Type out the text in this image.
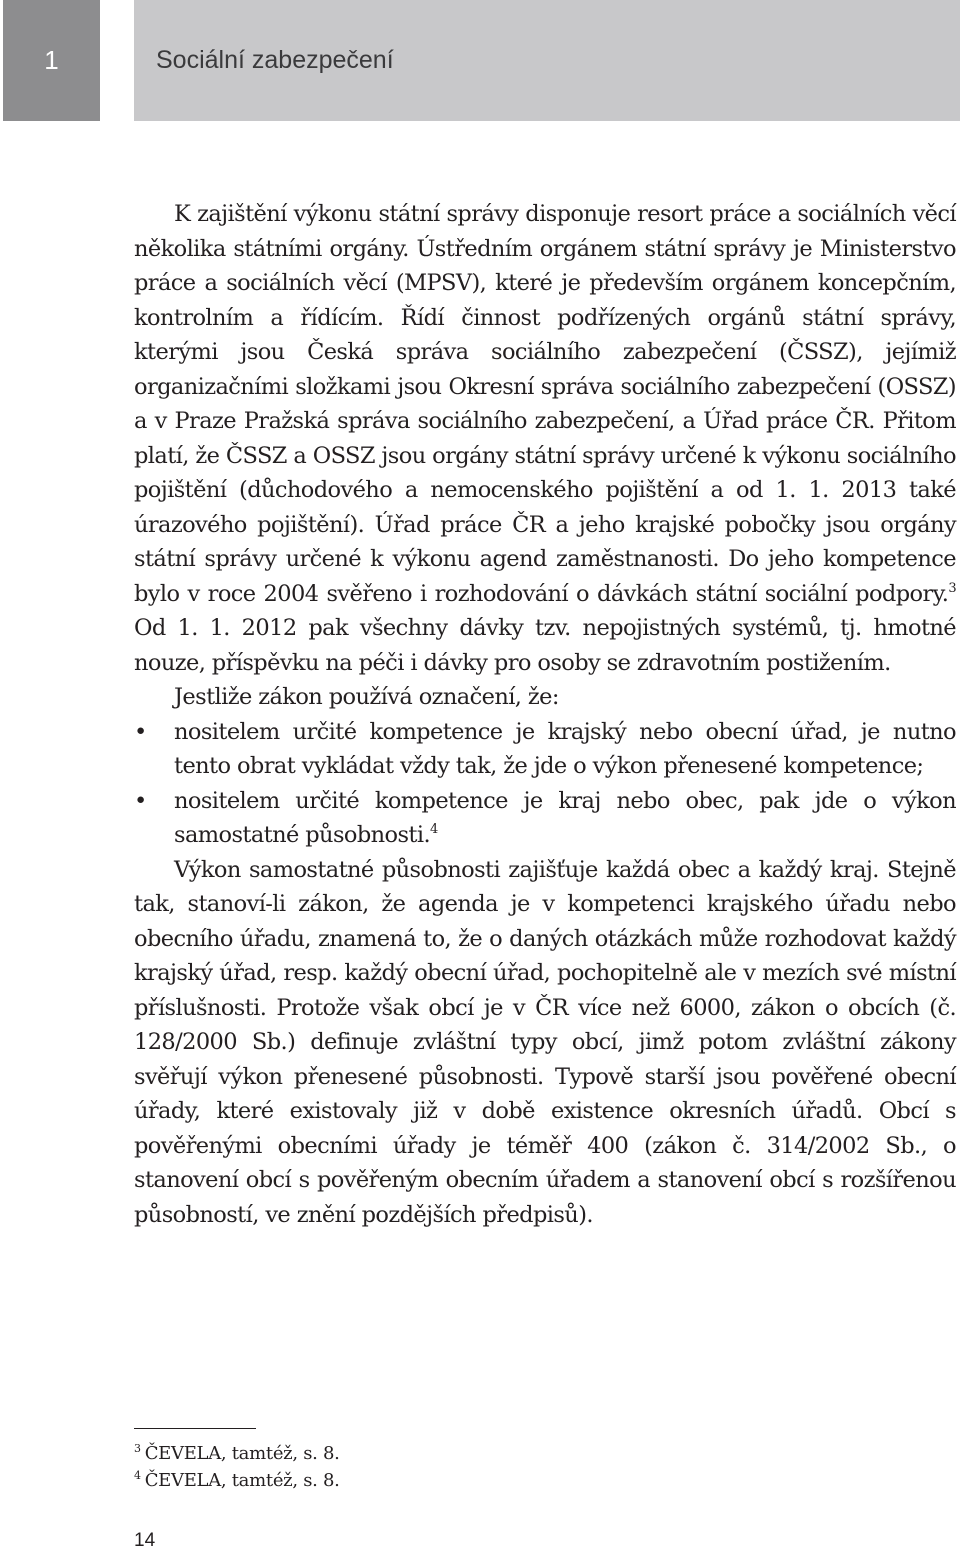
1	Sociální zabezpečení

K zajištění výkonu státní správy disponuje resort práce a sociálních věcí několika státními orgány. Ústředním orgánem státní správy je Ministerstvo práce a sociálních věcí (MPSV), které je především orgánem koncepčním, kontrolním a řídícím. Řídí činnost podřízených orgánů státní správy, kterými jsou Česká správa sociálního zabezpečení (ČSSZ), jejímiž organizačními složkami jsou Okresní správa sociálního zabezpečení (OSSZ) a v Praze Pražská správa sociálního zabezpečení, a Úřad práce ČR. Přitom platí, že ČSSZ a OSSZ jsou orgány státní správy určené k výkonu sociálního pojištění (důchodového a nemocenského pojištění a od 1. 1. 2013 také úrazového pojištění). Úřad práce ČR a jeho krajské pobočky jsou orgány státní správy určené k výkonu agend zaměstnanosti. Do jeho kompetence bylo v roce 2004 svěřeno i rozhodování o dávkách státní sociální podpory.$^3$ Od 1. 1. 2012 pak všechny dávky tzv. nepojistných systémů, tj. hmotné nouze, příspěvku na péči i dávky pro osoby se zdravotním postižením.

Jestliže zákon používá označení, že:

• nositelem určité kompetence je krajský nebo obecní úřad, je nutno tento obrat vykládat vždy tak, že jde o výkon přenesené kompetence;
• nositelem určité kompetence je kraj nebo obec, pak jde o výkon samostatné působnosti.$^4$

Výkon samostatné působnosti zajišťuje každá obec a každý kraj. Stejně tak, stanoví-li zákon, že agenda je v kompetenci krajského úřadu nebo obecního úřadu, znamená to, že o daných otázkách může rozhodovat každý krajský úřad, resp. každý obecní úřad, pochopitelně ale v mezích své místní příslušnosti. Protože však obcí je v ČR více než 6000, zákon o obcích (č. 128/2000 Sb.) definuje zvláštní typy obcí, jimž potom zvláštní zákony svěřují výkon přenesené působnosti. Typově starší jsou pověřené obecní úřady, které existovaly již v době existence okresních úřadů. Obcí s pověřenými obecními úřady je téměř 400 (zákon č. 314/2002 Sb., o stanovení obcí s pověřeným obecním úřadem a stanovení obcí s rozšířenou působností, ve znění pozdějších předpisů).

$^3$ ČEVELA, tamtéž, s. 8.
$^4$ ČEVELA, tamtéž, s. 8.
14
